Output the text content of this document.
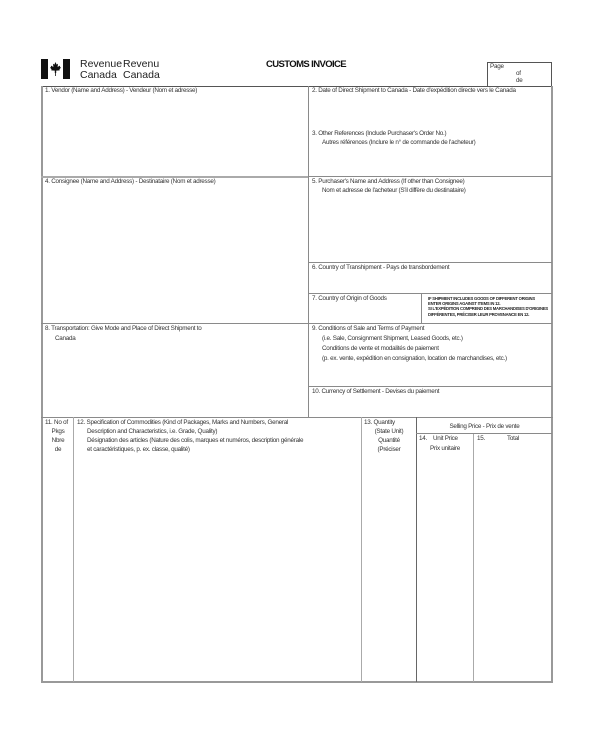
Revenue
Canada
Revenu
Canada
CUSTOMS INVOICE	Page
of
de
1. Vendor (Name and Address) - Vendeur (Nom et adresse)	2. Date of Direct Shipment to Canada - Date d'expédition directe vers le Canada
3. Other References (Include Purchaser's Order No.)
Autres références (Inclure le n° de commande de l'acheteur)
4. Consignee (Name and Address) - Destinataire (Nom et adresse)	5. Purchaser's Name and Address (If other than Consignee)
Nom et adresse de l'acheteur (S'il diffère du destinataire)
6. Country of Transhipment - Pays de transbordement
7. Country of Origin of Goods	IF SHIPMENT INCLUDES GOODS OF DIFFERENT ORIGINS
ENTER ORIGINS AGAINST ITEMS IN 12.
SI L'EXPÉDITION COMPREND DES MARCHANDISES D'ORIGINES
DIFFÉRENTES, PRÉCISER LEUR PROVENANCE EN 12.
8. Transportation: Give Mode and Place of Direct Shipment to
Canada
9. Conditions of Sale and Terms of Payment
(i.e. Sale, Consignment Shipment, Leased Goods, etc.)
Conditions de vente et modalités de paiement
(p. ex. vente, expédition en consignation, location de marchandises, etc.)
10. Currency of Settlement - Devises du paiement
11. No of
Pkgs
Nbre
de
12. Specification of Commodities (Kind of Packages, Marks and Numbers, General
Description and Characteristics, i.e. Grade, Quality)
Désignation des articles (Nature des colis, marques et numéros, description générale
et caractéristiques, p. ex. classe, qualité)
13. Quantity
(State Unit)
Quantité
(Préciser
Selling Price - Prix de vente
14. Unit Price
Prix unitaire
15.	Total
